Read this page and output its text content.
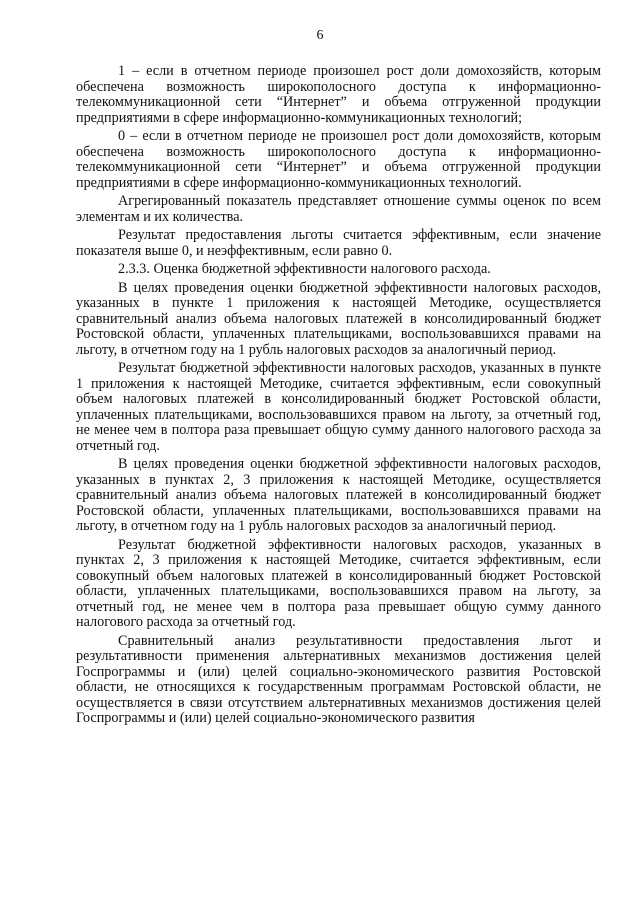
6

1 – если в отчетном периоде произошел рост доли домохозяйств, которым обеспечена возможность широкополосного доступа к информационно-телекоммуникационной сети “Интернет” и объема отгруженной продукции предприятиями в сфере информационно-коммуникационных технологий;

0 – если в отчетном периоде не произошел рост доли домохозяйств, которым обеспечена возможность широкополосного доступа к информационно-телекоммуникационной сети “Интернет” и объема отгруженной продукции предприятиями в сфере информационно-коммуникационных технологий.

Агрегированный показатель представляет отношение суммы оценок по всем элементам и их количества.

Результат предоставления льготы считается эффективным, если значение показателя выше 0, и неэффективным, если равно 0.

2.3.3. Оценка бюджетной эффективности налогового расхода.

В целях проведения оценки бюджетной эффективности налоговых расходов, указанных в пункте 1 приложения к настоящей Методике, осуществляется сравнительный анализ объема налоговых платежей в консолидированный бюджет Ростовской области, уплаченных плательщиками, воспользовавшихся правами на льготу, в отчетном году на 1 рубль налоговых расходов за аналогичный период.

Результат бюджетной эффективности налоговых расходов, указанных в пункте 1 приложения к настоящей Методике, считается эффективным, если совокупный объем налоговых платежей в консолидированный бюджет Ростовской области, уплаченных плательщиками, воспользовавшихся правом на льготу, за отчетный год, не менее чем в полтора раза превышает общую сумму данного налогового расхода за отчетный год.

В целях проведения оценки бюджетной эффективности налоговых расходов, указанных в пунктах 2, 3 приложения к настоящей Методике, осуществляется сравнительный анализ объема налоговых платежей в консолидированный бюджет Ростовской области, уплаченных плательщиками, воспользовавшихся правами на льготу, в отчетном году на 1 рубль налоговых расходов за аналогичный период.

Результат бюджетной эффективности налоговых расходов, указанных в пунктах 2, 3 приложения к настоящей Методике, считается эффективным, если совокупный объем налоговых платежей в консолидированный бюджет Ростовской области, уплаченных плательщиками, воспользовавшихся правом на льготу, за отчетный год, не менее чем в полтора раза превышает общую сумму данного налогового расхода за отчетный год.

Сравнительный анализ результативности предоставления льгот и результативности применения альтернативных механизмов достижения целей Госпрограммы и (или) целей социально-экономического развития Ростовской области, не относящихся к государственным программам Ростовской области, не осуществляется в связи отсутствием альтернативных механизмов достижения целей Госпрограммы и (или) целей социально-экономического развития
